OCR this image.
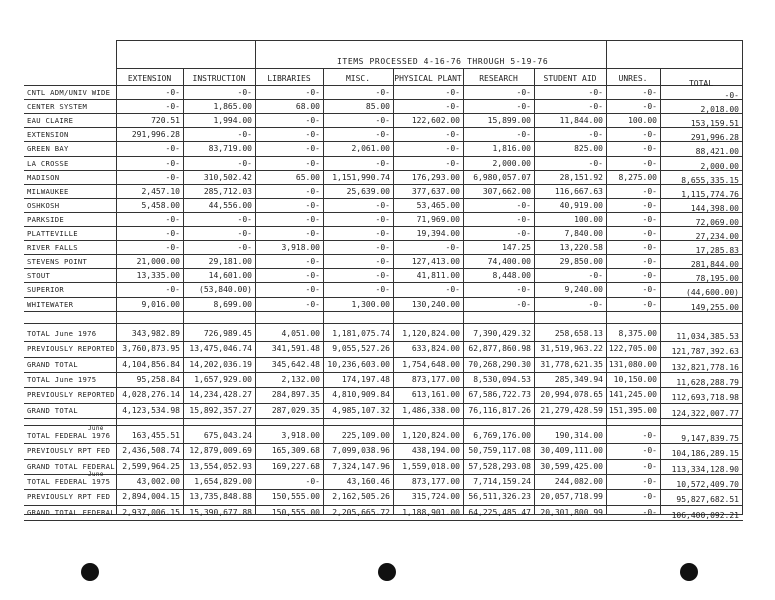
ITEMS PROCESSED 4-16-76 THROUGH 5-19-76
EXTENSION	INSTRUCTION	LIBRARIES	MISC.	PHYSICAL PLANT RESEARCH	STUDENT AID	UNRES.
TOTAL
CNTL ADM/UNIV WIDE	-0-	-0-	-0-	-0-	-0-	-0-	-0-	-0-	-0-
CENTER SYSTEM	-0-	1,865.00	68.00	85.00	-0-	-0-	-0-	-0-	2,018.00
EAU CLAIRE	720.51	1,994.00	-0-	-0-	122,602.00	15,899.00	11,844.00	100.00	153,159.51
EXTENSION	291,996.28	-0-	-0-	-0-	-0-	-0-	-0-	-0-	291,996.28
GREEN BAY	-0-	83,719.00	-0-	2,061.00	-0-	1,816.00	825.00	-0-	88,421.00
LA CROSSE	-0-	-0-	-0-	-0-	-0-	2,000.00	-0-	-0-	2,000.00
MADISON	-0-	310,502.42	65.00 1,151,990.74	176,293.00 6,980,057.07	28,151.92 8,275.00	8,655,335.15
MILWAUKEE	2,457.10	285,712.03	-0-	25,639.00	377,637.00	307,662.00	116,667.63	-0-	1,115,774.76
OSHKOSH	5,458.00	44,556.00	-0-	-0-	53,465.00	-0-	40,919.00	-0-	144,398.00
PARKSIDE	-0-	-0-	-0-	-0-	71,969.00	-0-	100.00	-0-	72,069.00
PLATTEVILLE	-0-	-0-	-0-	-0-	19,394.00	-0-	7,840.00	-0-	27,234.00
RIVER FALLS	-0-	-0-	3,918.00	-0-	-0-	147.25	13,220.58	-0-	17,285.83
STEVENS POINT	21,000.00	29,181.00	-0-	-0-	127,413.00	74,400.00	29,850.00	-0-	281,844.00
STOUT	13,335.00	14,601.00	-0-	-0-	41,811.00	8,448.00	-0-	-0-	78,195.00
SUPERIOR	-0- (53,840.00)	-0-	-0-	-0-	-0-	9,240.00	-0-	(44,600.00)
WHITEWATER	9,016.00	8,699.00	-0-	1,300.00	130,240.00	-0-	-0-	-0-	149,255.00
TOTAL June 1976	343,982.89	726,989.45	4,051.00 1,181,075.74 1,120,824.00 7,390,429.32	258,658.13 8,375.00 11,034,385.53
PREVIOUSLY REPORTED 3,760,873.95 13,475,046.74 341,591.48 9,055,527.26	633,824.00 62,877,860.98 31,519,963.22 122,705.00 121,787,392.63
GRAND TOTAL	4,104,856.84 14,202,036.19 345,642.48 10,236,603.00 1,754,648.00 70,268,290.30 31,778,621.35 131,080.00 132,821,778.16
TOTAL June 1975	95,258.84 1,657,929.00	2,132.00	174,197.48	873,177.00 8,530,094.53	285,349.94 10,150.00 11,628,288.79
PREVIOUSLY REPORTED 4,028,276.14 14,234,428.27 284,897.35 4,810,909.84	613,161.00 67,586,722.73 20,994,078.65 141,245.00 112,693,718.98
GRAND TOTAL	4,123,534.98 15,892,357.27 287,029.35 4,985,107.32 1,486,338.00 76,116,817.26 21,279,428.59 151,395.00 124,322,007.77
TOTAL FEDERAL 1976
June
163,455.51	675,043.24	3,918.00	225,109.00 1,120,824.00 6,769,176.00	190,314.00	-0-	9,147,839.75
PREVIOUSLY RPT FED 2,436,508.74 12,879,009.69 165,309.68 7,099,038.96	438,194.00 50,759,117.08 30,409,111.00	-0- 104,186,289.15
GRAND TOTAL FEDERAL 2,599,964.25 13,554,052.93 169,227.68 7,324,147.96 1,559,018.00 57,528,293.08 30,599,425.00	-0- 113,334,128.90
TOTAL FEDERAL 1975
June
43,002.00 1,654,829.00	-0-	43,160.46	873,177.00 7,714,159.24	244,082.00	-0- 10,572,409.70
PREVIOUSLY RPT FED 2,894,004.15 13,735,848.88 150,555.00 2,162,505.26	315,724.00 56,511,326.23 20,057,718.99	-0- 95,827,682.51
GRAND TOTAL FEDERAL 2,937,006.15 15,390,677.88 150,555.00 2,205,665.72 1,188,901.00 64,225,485.47 20,301,800.99	-0- 106,400,092.21
